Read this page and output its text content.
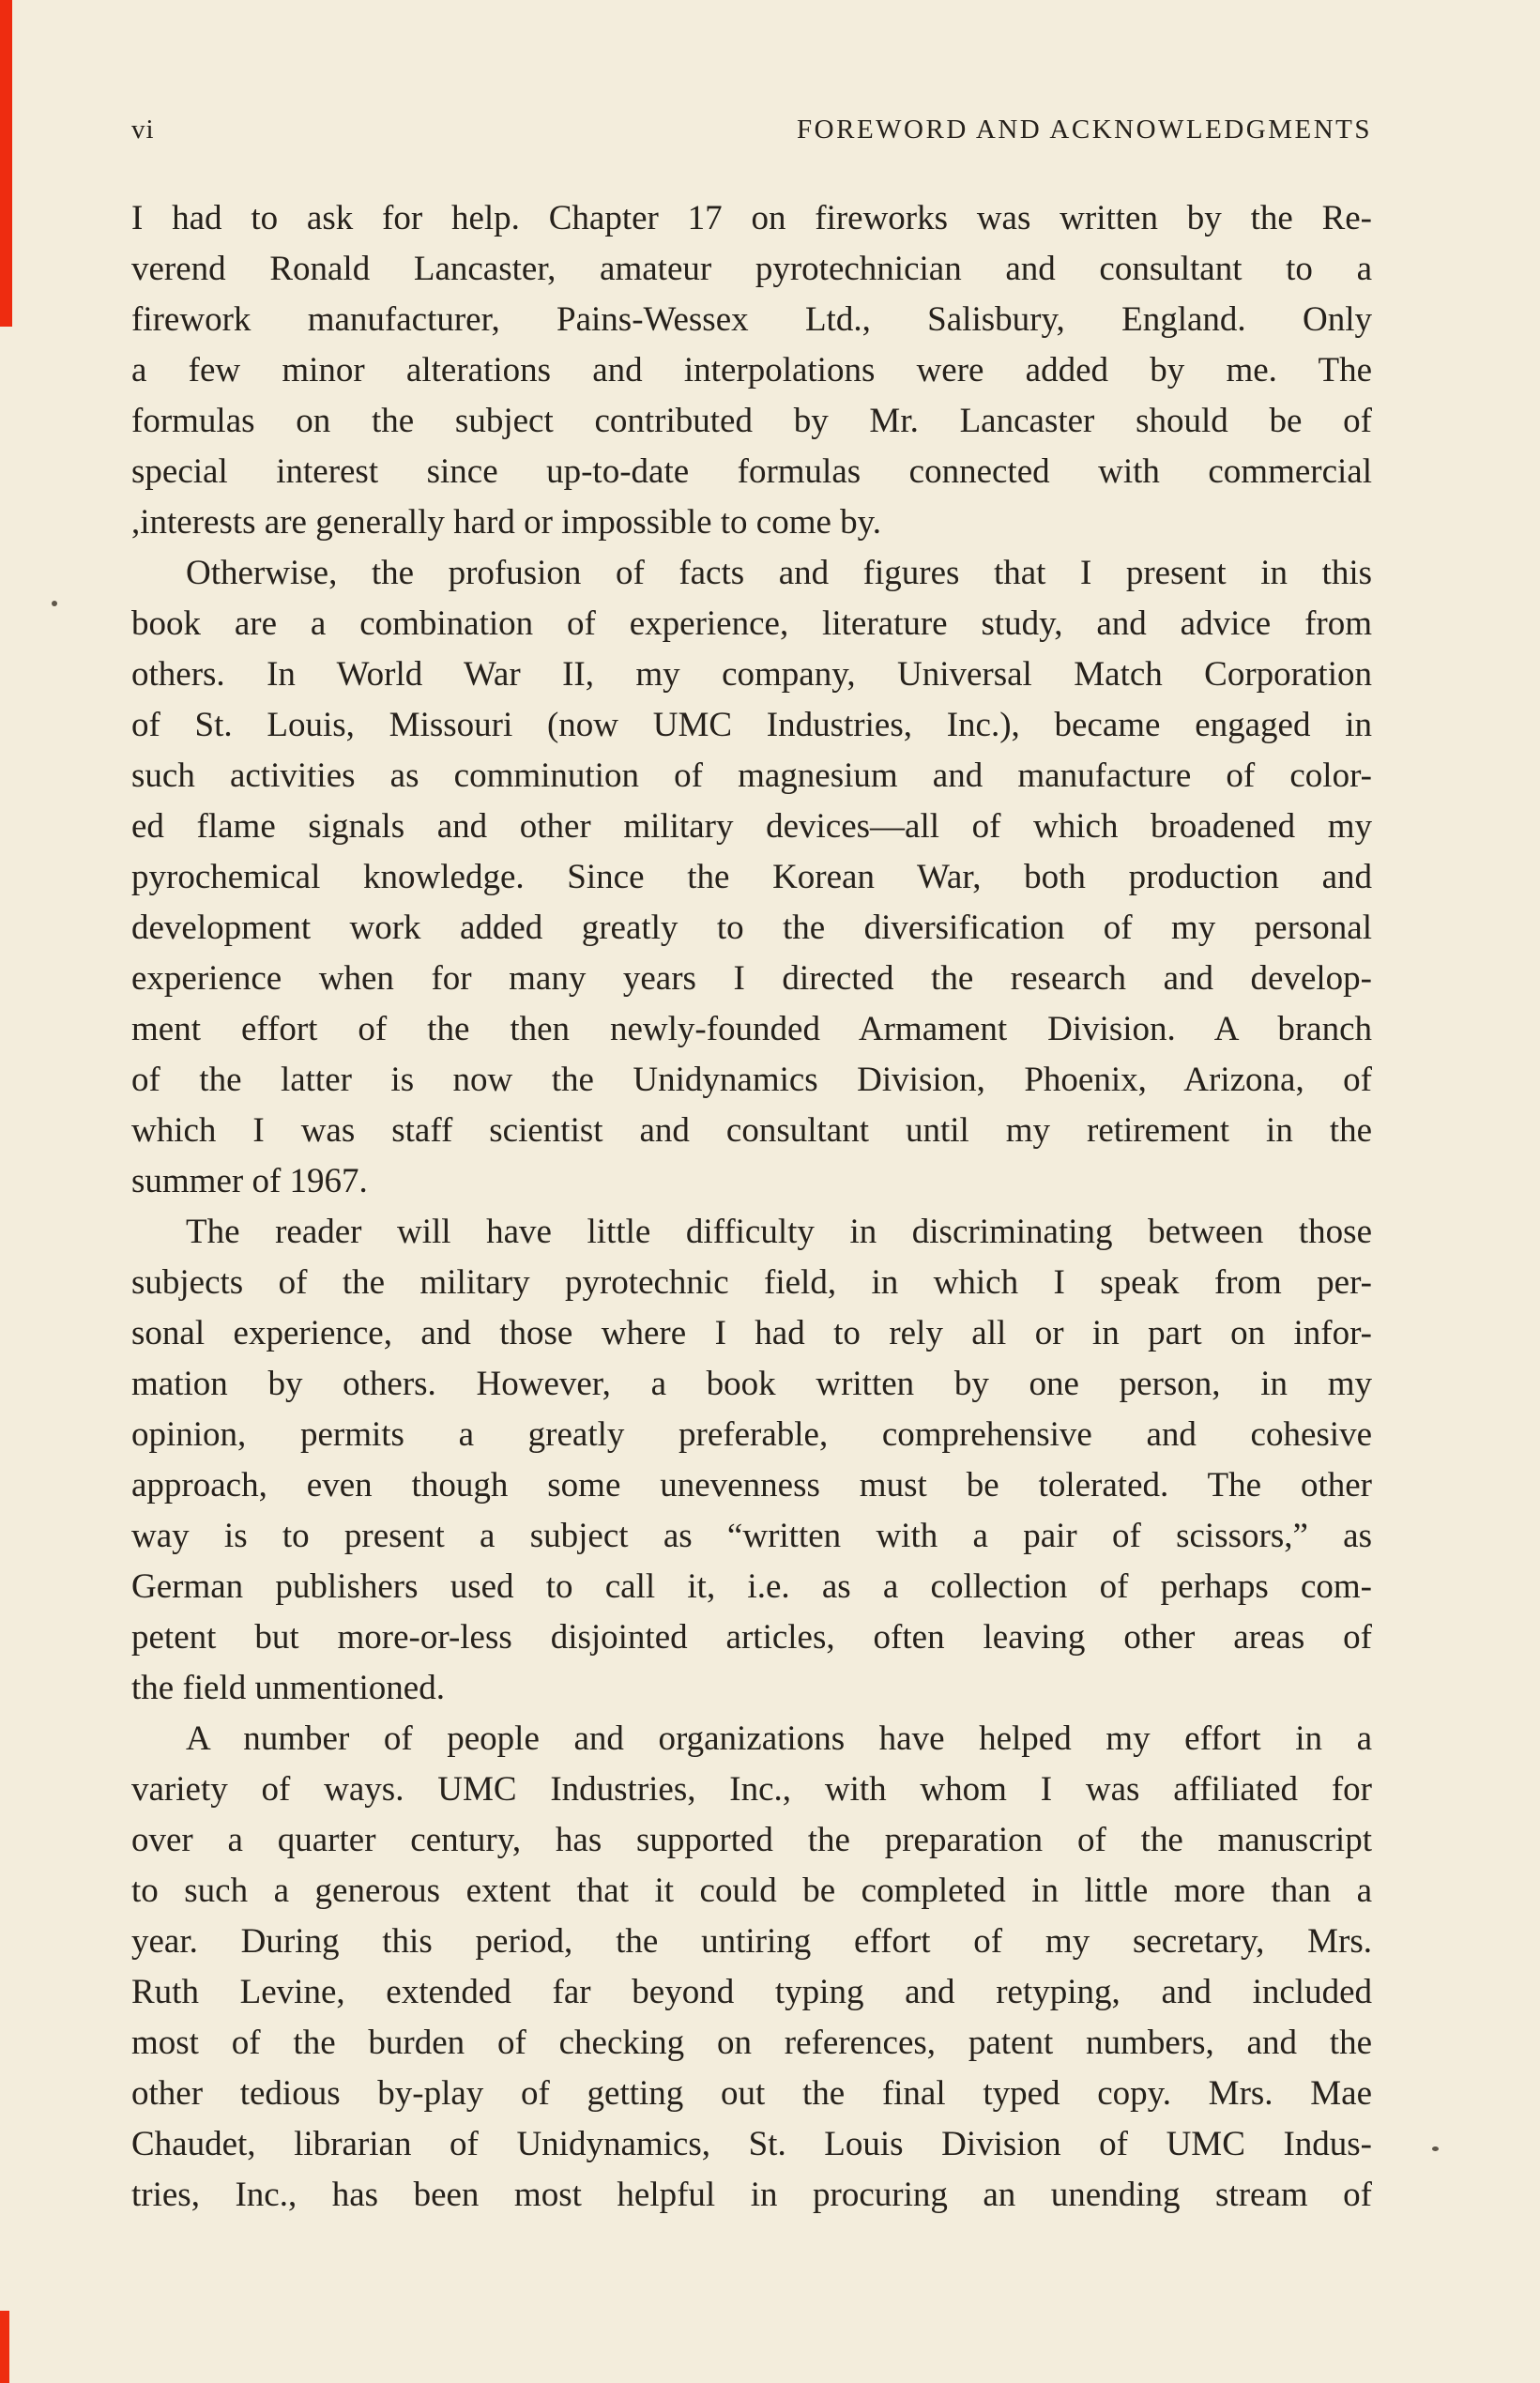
vi	FOREWORD AND ACKNOWLEDGMENTS
I had to ask for help. Chapter 17 on fireworks was written by the Re-
verend Ronald Lancaster, amateur pyrotechnician and consultant to a
firework manufacturer, Pains-Wessex Ltd., Salisbury, England. Only
a few minor alterations and interpolations were added by me. The
formulas on the subject contributed by Mr. Lancaster should be of
special interest since up-to-date formulas connected with commercial
,interests are generally hard or impossible to come by.
Otherwise, the profusion of facts and figures that I present in this
book are a combination of experience, literature study, and advice from
others. In World War II, my company, Universal Match Corporation
of St. Louis, Missouri (now UMC Industries, Inc.), became engaged in
such activities as comminution of magnesium and manufacture of color-
ed flame signals and other military devices—all of which broadened my
pyrochemical knowledge. Since the Korean War, both production and
development work added greatly to the diversification of my personal
experience when for many years I directed the research and develop-
ment effort of the then newly-founded Armament Division. A branch
of the latter is now the Unidynamics Division, Phoenix, Arizona, of
which I was staff scientist and consultant until my retirement in the
summer of 1967.
The reader will have little difficulty in discriminating between those
subjects of the military pyrotechnic field, in which I speak from per-
sonal experience, and those where I had to rely all or in part on infor-
mation by others. However, a book written by one person, in my
opinion, permits a greatly preferable, comprehensive and cohesive
approach, even though some unevenness must be tolerated. The other
way is to present a subject as “written with a pair of scissors,” as
German publishers used to call it, i.e. as a collection of perhaps com-
petent but more-or-less disjointed articles, often leaving other areas of
the field unmentioned.
A number of people and organizations have helped my effort in a
variety of ways. UMC Industries, Inc., with whom I was affiliated for
over a quarter century, has supported the preparation of the manuscript
to such a generous extent that it could be completed in little more than a
year. During this period, the untiring effort of my secretary, Mrs.
Ruth Levine, extended far beyond typing and retyping, and included
most of the burden of checking on references, patent numbers, and the
other tedious by-play of getting out the final typed copy. Mrs. Mae
Chaudet, librarian of Unidynamics, St. Louis Division of UMC Indus-
tries, Inc., has been most helpful in procuring an unending stream of
